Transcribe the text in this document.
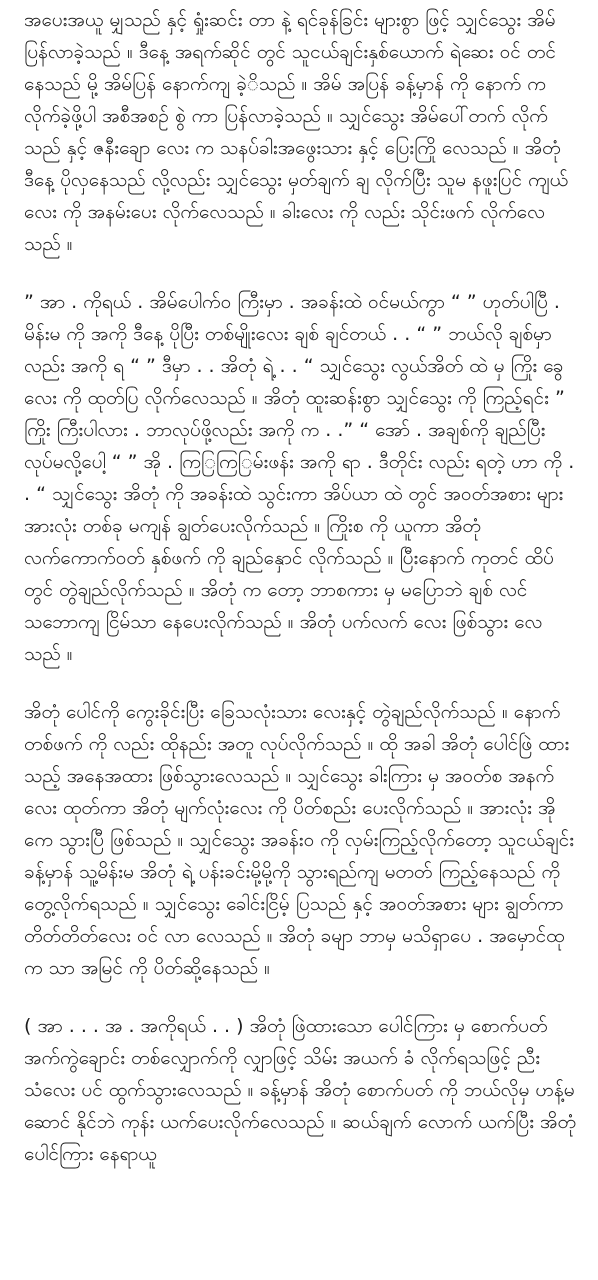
အပေးအယူ မျှသည် နှင့် ရှုံးဆင်း တာ နဲ့ ရင်ခုန်ခြင်း များစွာ ဖြင့် သျှင်သွေး အိမ်ပြန်လာခဲ့သည် ။ ဒီနေ့ အရက်ဆိုင် တွင် သူငယ်ချင်းနှစ်ယောက် ရဲဆေး ဝင် တင် နေသည် မို့ အိမ်ပြန် နောက်ကျ ခဲ့ိသည် ။ အိမ် အပြန် ခန့်မှာန် ကို နောက် က လိုက်ခဲ့ဖို့ပါ အစီအစဉ် စွဲ ကာ ပြန်လာခဲ့သည် ။ သျှင်သွေး အိမ်ပေါ်တက် လိုက်သည် နှင့် ဇနီးချော လေး က သနပ်ခါးအဖွေးသား နှင့် ပြေးကြို လေသည် ။ အိတုံ ဒီနေ့ ပိုလှနေသည် လို့လည်း သျှင်သွေး မှတ်ချက် ချ လိုက်ပြီး သူမ နဖူးပြင် ကျယ်လေး ကို အနမ်းပေး လိုက်လေသည် ။ ခါးလေး ကို လည်း သိုင်းဖက် လိုက်လေသည် ။

” အာ . ကိုရယ် . အိမ်ပေါက်ဝ ကြီးမှာ . အခန်းထဲ ဝင်မယ်ကွာ “ ” ဟုတ်ပါပြီ . မိန်းမ ကို အကို ဒီနေ့ ပိုပြီး တစ်မျိုးလေး ချစ် ချင်တယ် . . “ ” ဘယ်လို ချစ်မှာလည်း အကို ရ “ ” ဒီမှာ . . အိတုံ ရဲ့ . . “ သျှင်သွေး လွယ်အိတ် ထဲ မှ ကြိုး ခွေ လေး ကို ထုတ်ပြ လိုက်လေသည် ။ အိတုံ ထူးဆန်းစွာ သျှင်သွေး ကို ကြည့်ရင်း ” ကြိုး ကြီးပါလား . ဘာလုပ်ဖို့လည်း အကို က . .” “ အော် . အချစ်ကို ချည်ပြီး လုပ်မလို့ပေါ့ “ ” အို . ကြြကြြမ်းဖန်း အကို ရာ . ဒီတိုင်း လည်း ရတဲ့ ဟာ ကို . . “ သျှင်သွေး အိတုံ ကို အခန်းထဲ သွင်းကာ အိပ်ယာ ထဲ တွင် အဝတ်အစား များ အားလုံး တစ်ခု မကျန် ချွတ်ပေးလိုက်သည် ။ ကြိုးစ ကို ယူကာ အိတုံ လက်ကောက်ဝတ် နှစ်ဖက် ကို ချည်နှောင် လိုက်သည် ။ ပြီးနောက် ကုတင် ထိပ် တွင် တွဲချည်လိုက်သည် ။ အိတုံ က တော့ ဘာစကား မှ မပြောဘဲ ချစ် လင် သဘောကျ ငြိမ်သာ နေပေးလိုက်သည် ။ အိတုံ ပက်လက် လေး ဖြစ်သွား လေသည် ။

အိတုံ ပေါင်ကို ကွေးခိုင်းပြီး ခြေသလုံးသား လေးနှင့် တွဲချည်လိုက်သည် ။ နောက် တစ်ဖက် ကို လည်း ထိုနည်း အတူ လုပ်လိုက်သည် ။ ထို အခါ အိတုံ ပေါင်ဖြဲ ထား သည့် အနေအထား ဖြစ်သွားလေသည် ။ သျှင်သွေး ခါးကြား မှ အဝတ်စ အနက်လေး ထုတ်ကာ အိတုံ မျက်လုံးလေး ကို ပိတ်စည်း ပေးလိုက်သည် ။ အားလုံး အိုကေ သွားပြီ ဖြစ်သည် ။ သျှင်သွေး အခန်းဝ ကို လှမ်းကြည့်လိုက်တော့ သူငယ်ချင်းခန့်မှာန် သူ့မိန်းမ အိတုံ ရဲ့ ပန်းခင်းမို့မို့ကို သွားရည်ကျ မတတ် ကြည့်နေသည် ကို တွေ့လိုက်ရသည် ။ သျှင်သွေး ခေါင်းငြိမ့် ပြသည် နှင့် အဝတ်အစား များ ချွတ်ကာ တိတ်တိတ်လေး ဝင် လာ လေသည် ။ အိတုံ ခမျာ ဘာမှ မသိရှာပေ . အမှောင်ထု က သာ အမြင် ကို ပိတ်ဆို့နေသည် ။

( အာ . . . အ . အကိုရယ် . . ) အိတုံ ဖြဲထားသော ပေါင်ကြား မှ စောက်ပတ် အက်ကွဲချောင်း တစ်လျှောက်ကို လျှာဖြင့် သိမ်း အယက် ခံ လိုက်ရသဖြင့် ညီးသံလေး ပင် ထွက်သွားလေသည် ။ ခန့်မှာန် အိတုံ စောက်ပတ် ကို ဘယ်လိုမှ ဟန့်မဆောင် နိုင်ဘဲ ကုန်း ယက်ပေးလိုက်လေသည် ။ ဆယ်ချက် လောက် ယက်ပြီး အိတုံ ပေါင်ကြား နေရာယူ
